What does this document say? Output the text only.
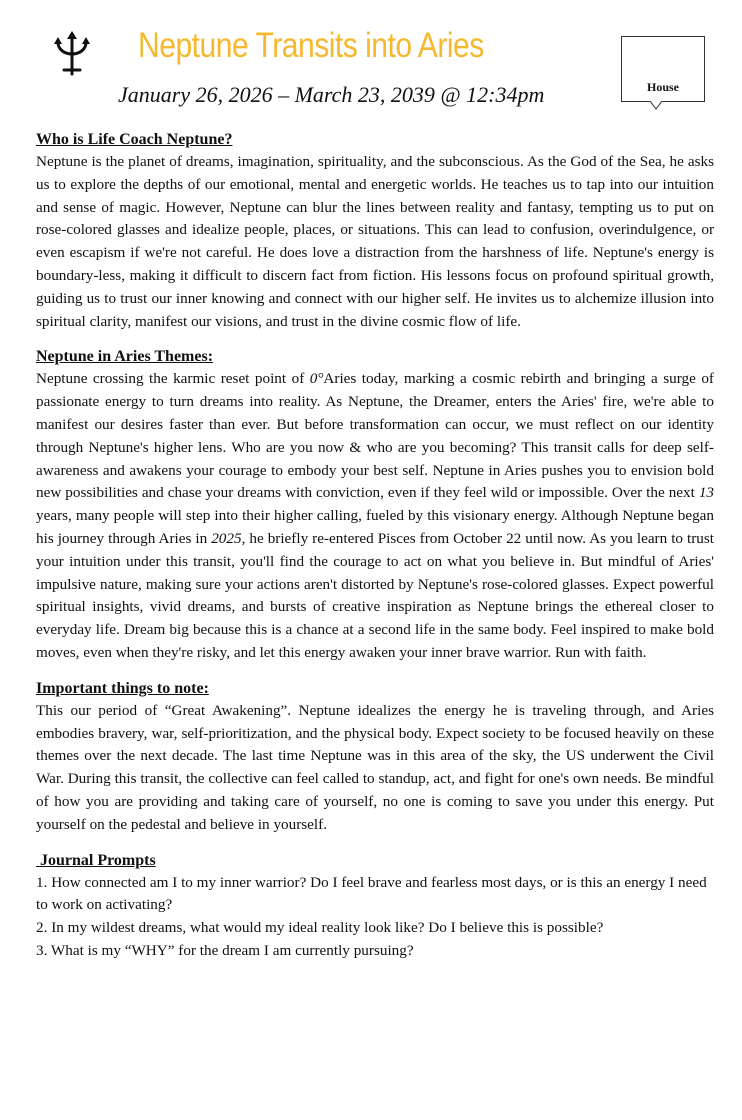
Neptune Transits into Aries
January 26, 2026 – March 23, 2039 @ 12:34pm	House
Who is Life Coach Neptune?

Neptune is the planet of dreams, imagination, spirituality, and the subconscious. As the God of the Sea, he asks us to explore the depths of our emotional, mental and energetic worlds. He teaches us to tap into our intuition and sense of magic. However, Neptune can blur the lines between reality and fantasy, tempting us to put on rose-colored glasses and idealize people, places, or situations. This can lead to confusion, overindulgence, or even escapism if we're not careful. He does love a distraction from the harshness of life. Neptune's energy is boundary-less, making it difficult to discern fact from fiction. His lessons focus on profound spiritual growth, guiding us to trust our inner knowing and connect with our higher self. He invites us to alchemize illusion into spiritual clarity, manifest our visions, and trust in the divine cosmic flow of life.

Neptune in Aries Themes:

Neptune crossing the karmic reset point of 0°Aries today, marking a cosmic rebirth and bringing a surge of passionate energy to turn dreams into reality. As Neptune, the Dreamer, enters the Aries' fire, we're able to manifest our desires faster than ever. But before transformation can occur, we must reflect on our identity through Neptune's higher lens. Who are you now & who are you becoming? This transit calls for deep self-awareness and awakens your courage to embody your best self. Neptune in Aries pushes you to envision bold new possibilities and chase your dreams with conviction, even if they feel wild or impossible. Over the next 13 years, many people will step into their higher calling, fueled by this visionary energy. Although Neptune began his journey through Aries in 2025, he briefly re-entered Pisces from October 22 until now. As you learn to trust your intuition under this transit, you'll find the courage to act on what you believe in. But mindful of Aries' impulsive nature, making sure your actions aren't distorted by Neptune's rose-colored glasses. Expect powerful spiritual insights, vivid dreams, and bursts of creative inspiration as Neptune brings the ethereal closer to everyday life. Dream big because this is a chance at a second life in the same body. Feel inspired to make bold moves, even when they're risky, and let this energy awaken your inner brave warrior. Run with faith.

Important things to note:

This our period of “Great Awakening”. Neptune idealizes the energy he is traveling through, and Aries embodies bravery, war, self-prioritization, and the physical body. Expect society to be focused heavily on these themes over the next decade. The last time Neptune was in this area of the sky, the US underwent the Civil War. During this transit, the collective can feel called to standup, act, and fight for one's own needs. Be mindful of how you are providing and taking care of yourself, no one is coming to save you under this energy. Put yourself on the pedestal and believe in yourself.

Journal Prompts

1. How connected am I to my inner warrior? Do I feel brave and fearless most days, or is this an energy I need to work on activating?

2. In my wildest dreams, what would my ideal reality look like? Do I believe this is possible?

3. What is my “WHY” for the dream I am currently pursuing?
